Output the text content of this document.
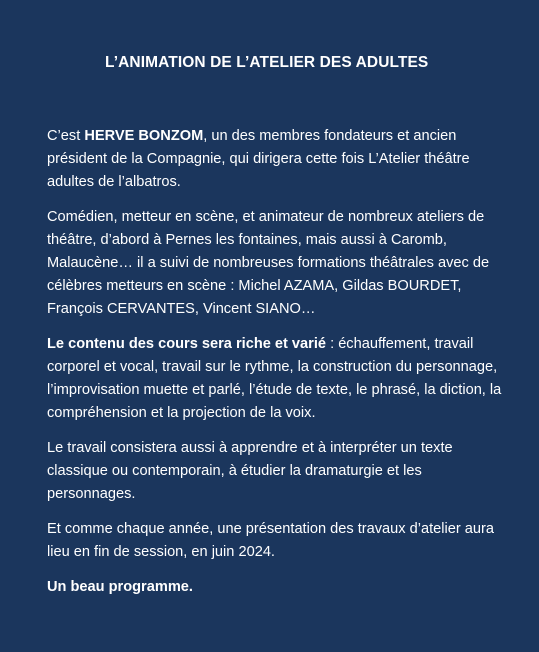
L’ANIMATION DE L’ATELIER DES ADULTES

C’est HERVE BONZOM, un des membres fondateurs et ancien président de la Compagnie, qui dirigera cette fois L’Atelier théâtre adultes de l’albatros.

Comédien, metteur en scène, et animateur de nombreux ateliers de théâtre, d’abord à Pernes les fontaines, mais aussi à Caromb, Malaucène… il a suivi de nombreuses formations théâtrales avec de célèbres metteurs en scène : Michel AZAMA, Gildas BOURDET, François CERVANTES, Vincent SIANO…

Le contenu des cours sera riche et varié : échauffement, travail corporel et vocal, travail sur le rythme, la construction du personnage, l’improvisation muette et parlé, l’étude de texte, le phrasé, la diction, la compréhension et la projection de la voix.

Le travail consistera aussi à apprendre et à interpréter un texte classique ou contemporain, à étudier la dramaturgie et les personnages.

Et comme chaque année, une présentation des travaux d’atelier aura lieu en fin de session, en juin 2024.

Un beau programme.
